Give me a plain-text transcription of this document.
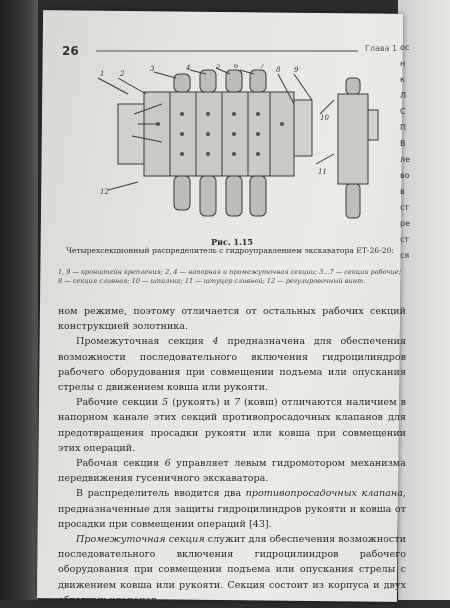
26	Глава 1
1 2
3	4	5 6	7 8 9
10
11
12
Рис. 1.15
Четырехсекционный распределитель с гидроуправлением экскаватора ЕТ-26-20:
1, 9 — кронштейн крепления; 2, 4 — напорная и промежуточная секции; 3...7 — секции рабочие; 8 — секция сливная; 10 — шпилька; 11 — штуцер сливной; 12 — регулировочный винт.

ном режиме, поэтому отличается от остальных рабочих секций конструкцией золотника.

Промежуточная секция 4 предназначена для обеспечения возможности последовательного включения гидроцилиндров рабочего оборудования при совмещении подъема или опускания стрелы с движением ковша или рукояти.

Рабочие секции 5 (рукоять) и 7 (ковш) отличаются наличием в напорном канале этих секций противопросадочных клапанов для предотвращения просадки рукояти или ковша при совмещении этих операций.

Рабочая секция 6 управляет левым гидромотором механизма передвижения гусеничного экскаватора.

В распределитель вводится два противопросадочных клапана, предназначенные для защиты гидроцилиндров рукояти и ковша от просадки при совмещении операций [43].

Промежуточная секция служит для обеспечения возможности последовательного включения гидроцилиндров рабочего оборудования при совмещении подъема или опускания стрелы с движением ковша или рукояти. Секция состоит из корпуса и двух обратных клапанов.

ос
н
к
Л
С
П
В
ле
во
в
ст
ре
ст
ся
